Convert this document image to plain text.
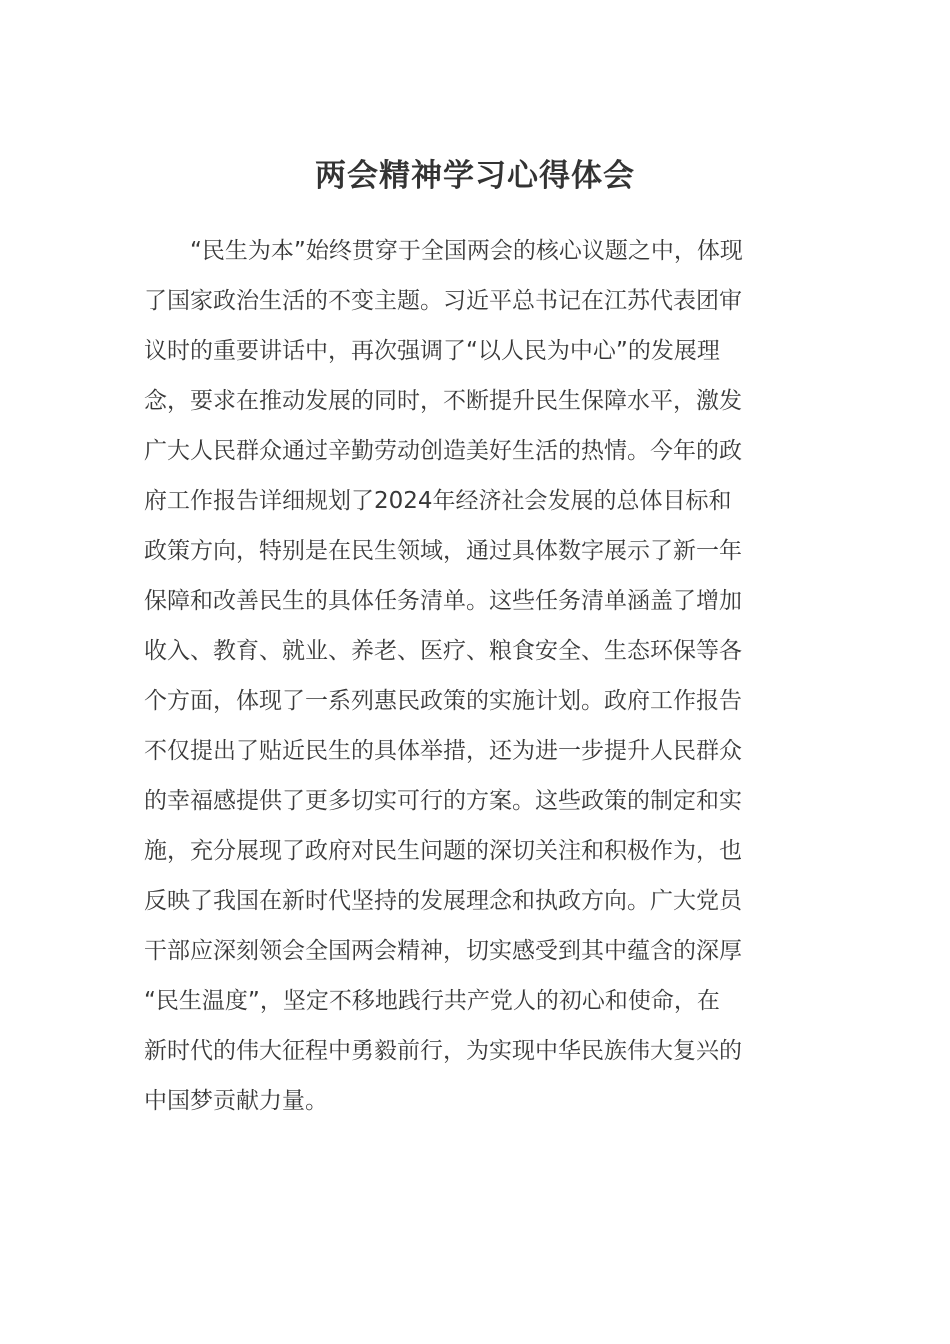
两会精神学习心得体会
　　“民生为本”始终贯穿于全国两会的核心议题之中，体现
了国家政治生活的不变主题。习近平总书记在江苏代表团审
议时的重要讲话中，再次强调了“以人民为中心”的发展理
念，要求在推动发展的同时，不断提升民生保障水平，激发
广大人民群众通过辛勤劳动创造美好生活的热情。今年的政
府工作报告详细规划了2024年经济社会发展的总体目标和
政策方向，特别是在民生领域，通过具体数字展示了新一年
保障和改善民生的具体任务清单。这些任务清单涵盖了增加
收入、教育、就业、养老、医疗、粮食安全、生态环保等各
个方面，体现了一系列惠民政策的实施计划。政府工作报告
不仅提出了贴近民生的具体举措，还为进一步提升人民群众
的幸福感提供了更多切实可行的方案。这些政策的制定和实
施，充分展现了政府对民生问题的深切关注和积极作为，也
反映了我国在新时代坚持的发展理念和执政方向。广大党员
干部应深刻领会全国两会精神，切实感受到其中蕴含的深厚
“民生温度”，坚定不移地践行共产党人的初心和使命，在
新时代的伟大征程中勇毅前行，为实现中华民族伟大复兴的
中国梦贡献力量。
